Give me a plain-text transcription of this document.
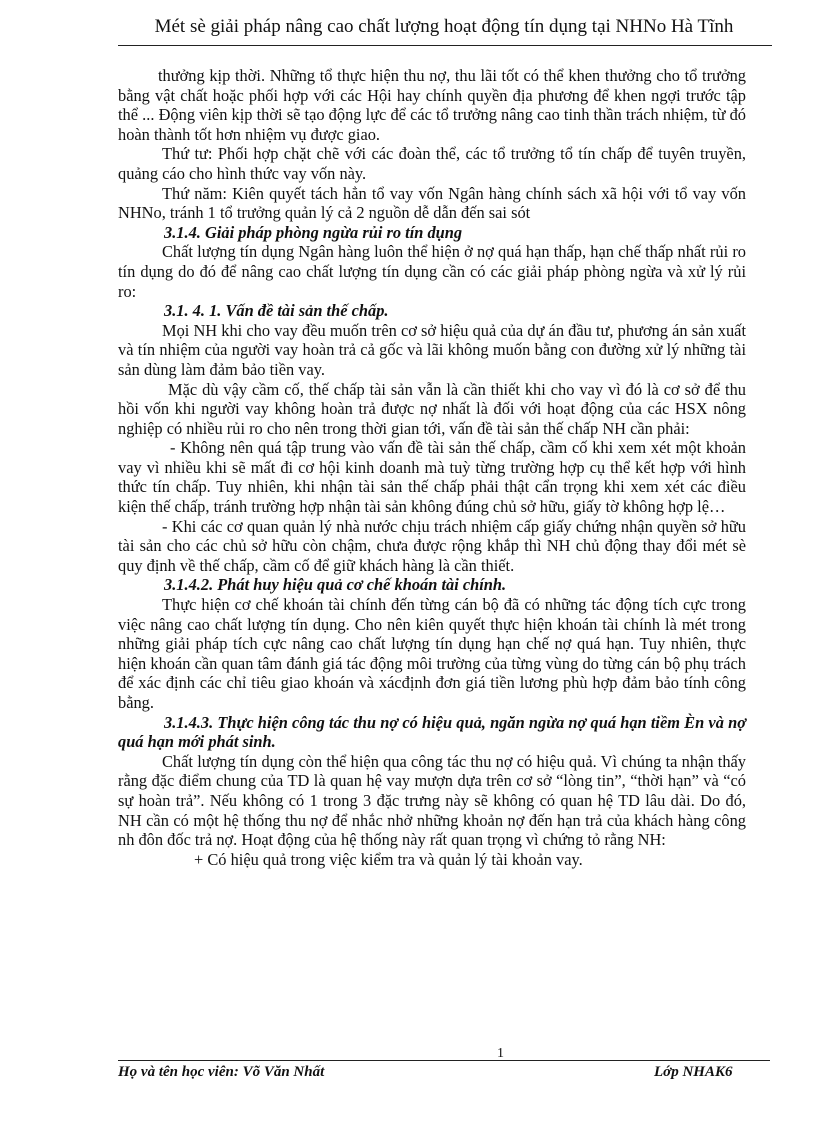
Mét sè giải pháp nâng cao chất lượng hoạt động tín dụng tại NHNo Hà Tĩnh

thưởng kịp thời. Những tổ thực hiện thu nợ, thu lãi tốt có thể khen thưởng cho tổ trưởng bằng vật chất hoặc phối hợp với các Hội hay chính quyền địa phương để khen ngợi trước tập thể ... Động viên kịp thời sẽ tạo động lực để các tổ trưởng nâng cao tinh thần trách nhiệm, từ đó hoàn thành tốt hơn nhiệm vụ được giao.

Thứ tư: Phối hợp chặt chẽ với các đoàn thể, các tổ trưởng tổ tín chấp để tuyên truyền, quảng cáo cho hình thức vay vốn này.

Thứ năm: Kiên quyết tách hẳn tổ vay vốn Ngân hàng chính sách xã hội với tổ vay vốn NHNo, tránh 1 tổ trưởng quản lý cả 2 nguồn dễ dẫn đến sai sót

3.1.4. Giải pháp phòng ngừa rủi ro tín dụng

Chất lượng tín dụng Ngân hàng luôn thể hiện ở nợ quá hạn thấp, hạn chế thấp nhất rủi ro tín dụng do đó để nâng cao chất lượng tín dụng cần có các giải pháp phòng ngừa và xử lý rủi ro:

3.1. 4. 1. Vấn đề tài sản thế chấp.

Mọi NH khi cho vay đều muốn trên cơ sở hiệu quả của dự án đầu tư, phương án sản xuất và tín nhiệm của người vay hoàn trả cả gốc và lãi không muốn bằng con đường xử lý những tài sản dùng làm đảm bảo tiền vay.

Mặc dù vậy cầm cố, thế chấp tài sản vẫn là cần thiết khi cho vay vì đó là cơ sở để thu hồi vốn khi người vay không hoàn trả được nợ nhất là đối với hoạt động của các HSX nông nghiệp có nhiều rủi ro cho nên trong thời gian tới, vấn đề tài sản thế chấp NH cần phải:

- Không nên quá tập trung vào vấn đề tài sản thế chấp, cầm cố khi xem xét một khoản vay vì nhiều khi sẽ mất đi cơ hội kinh doanh mà tuỳ từng trường hợp cụ thể kết hợp với hình thức tín chấp. Tuy nhiên, khi nhận tài sản thế chấp phải thật cẩn trọng khi xem xét các điều kiện thế chấp, tránh trường hợp nhận tài sản không đúng chủ sở hữu, giấy tờ không hợp lệ…

- Khi các cơ quan quản lý nhà nước chịu trách nhiệm cấp giấy chứng nhận quyền sở hữu tài sản cho các chủ sở hữu còn chậm, chưa được rộng khắp thì NH chủ động thay đổi mét sè quy định về thế chấp, cầm cố để giữ khách hàng là cần thiết.

3.1.4.2. Phát huy hiệu quả cơ chế khoán tài chính.

Thực hiện cơ chế khoán tài chính đến từng cán bộ đã có những tác động tích cực trong việc nâng cao chất lượng tín dụng. Cho nên kiên quyết thực hiện khoán tài chính là mét trong những giải pháp tích cực nâng cao chất lượng tín dụng hạn chế nợ quá hạn. Tuy nhiên, thực hiện khoán cần quan tâm đánh giá tác động môi trường của từng vùng do từng cán bộ phụ trách để xác định các chỉ tiêu giao khoán và xácđịnh đơn giá tiền lương phù hợp đảm bảo tính công bằng.

3.1.4.3. Thực hiện công tác thu nợ có hiệu quả, ngăn ngừa nợ quá hạn tiềm Èn và nợ quá hạn mới phát sinh.

Chất lượng tín dụng còn thể hiện qua công tác thu nợ có hiệu quả. Vì chúng ta nhận thấy rằng đặc điểm chung của TD là quan hệ vay mượn dựa trên cơ sở “lòng tin”, “thời hạn” và “có sự hoàn trả”. Nếu không có 1 trong 3 đặc trưng này sẽ không có quan hệ TD lâu dài. Do đó, NH cần có một hệ thống thu nợ để nhắc nhở những khoản nợ đến hạn trả của khách hàng công nh đôn đốc trả nợ. Hoạt động của hệ thống này rất quan trọng vì chứng tỏ rằng NH:

+ Có hiệu quả trong việc kiểm tra và quản lý tài khoản vay.

1
Họ và tên học viên: Võ Văn Nhất	Lớp NHAK6
